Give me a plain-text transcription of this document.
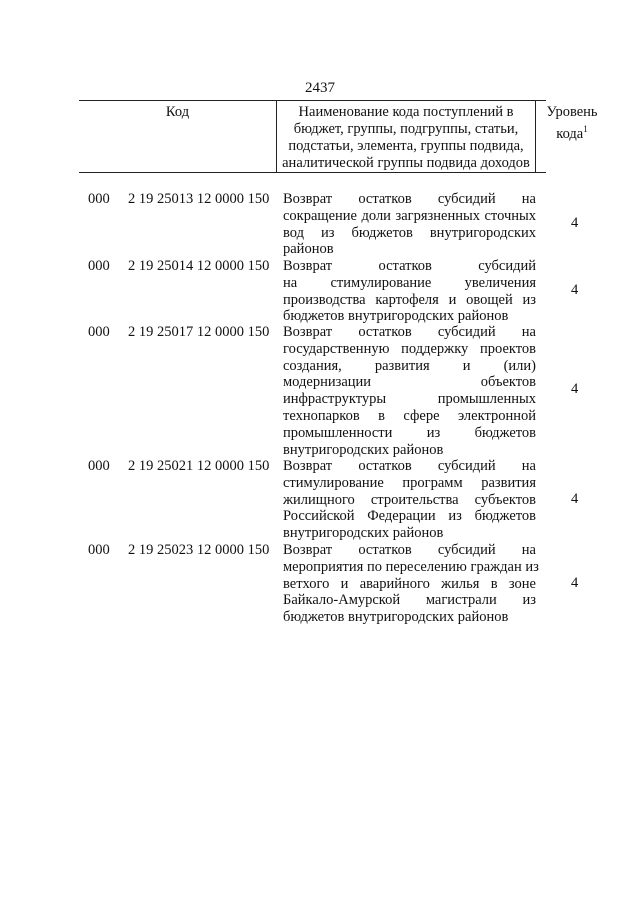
2437
Код	Наименование кода поступлений в
бюджет, группы, подгруппы, статьи,
подстатьи, элемента, группы подвида,
аналитической группы подвида доходов
Уровень
кода$^1$
000 2 19 25013 12 0000 150 Возврат остатков субсидий на
сокращение доли загрязненных сточных
вод из бюджетов внутригородских
районов
4
000 2 19 25014 12 0000 150 Возврат остатков субсидий
на стимулирование увеличения
производства картофеля и овощей из
бюджетов внутригородских районов
4
000 2 19 25017 12 0000 150 Возврат остатков субсидий на
государственную поддержку проектов
создания, развития и (или)
модернизации объектов
инфраструктуры промышленных
технопарков в сфере электронной
промышленности из бюджетов
внутригородских районов
4
000 2 19 25021 12 0000 150 Возврат остатков субсидий на
стимулирование программ развития
жилищного строительства субъектов
Российской Федерации из бюджетов
внутригородских районов
4
000 2 19 25023 12 0000 150 Возврат остатков субсидий на
мероприятия по переселению граждан из
ветхого и аварийного жилья в зоне
Байкало-Амурской магистрали из
бюджетов внутригородских районов
4
